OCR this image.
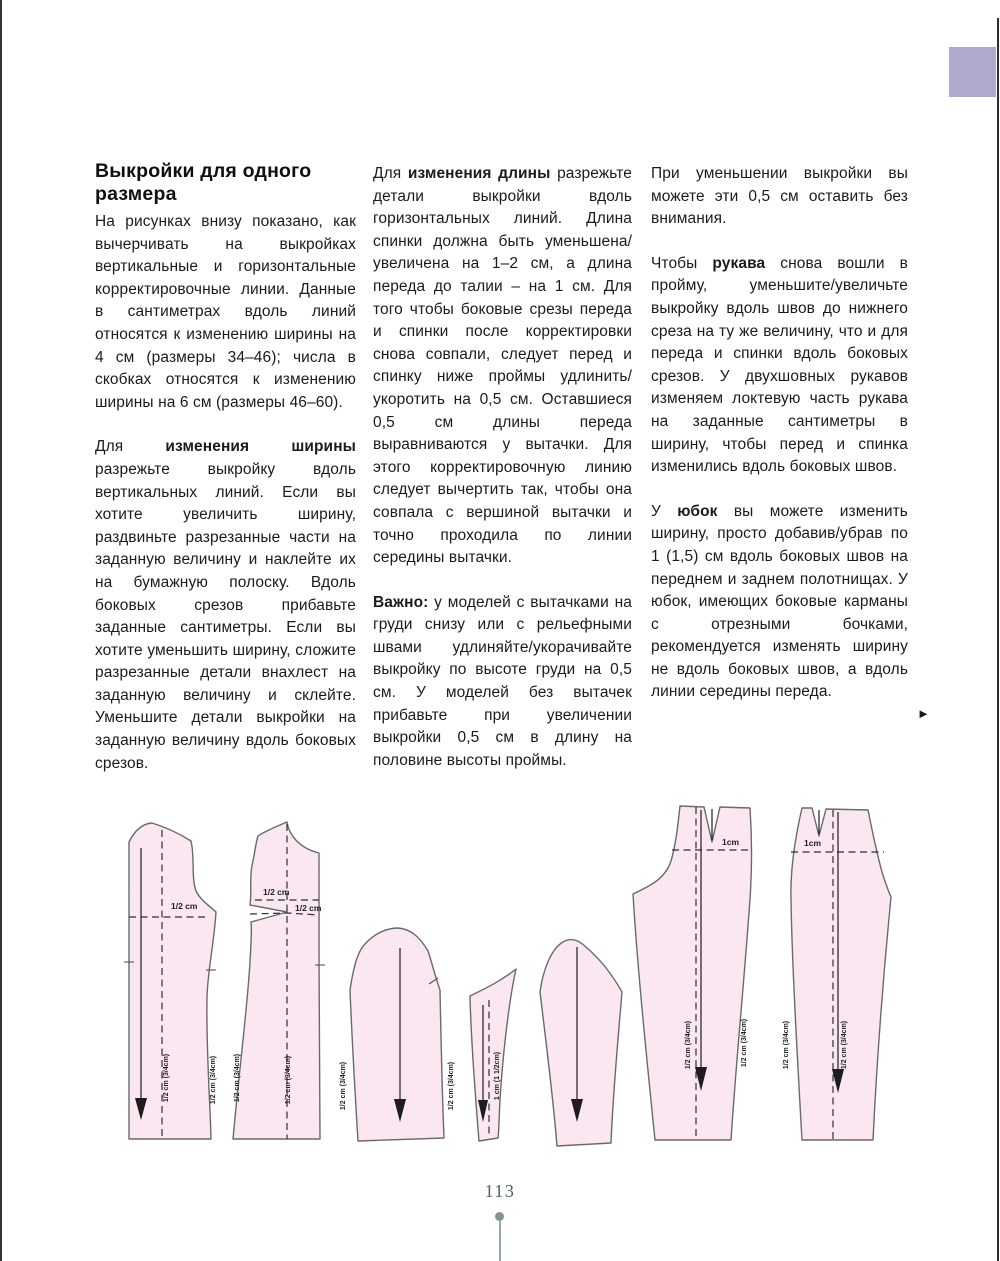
Выкройки для одного размера

На рисунках внизу показано, как вычерчивать на выкройках вертикальные и горизонтальные корректировочные линии. Данные в сантиметрах вдоль линий относятся к изменению ширины на 4 см (размеры 34–46); числа в скобках относятся к изменению ширины на 6 см (размеры 46–60).

Для изменения ширины разрежьте выкройку вдоль вертикальных линий. Если вы хотите увеличить ширину, раздвиньте разрезанные части на заданную величину и наклейте их на бумажную полоску. Вдоль боковых срезов прибавьте заданные сантиметры. Если вы хотите уменьшить ширину, сложите разрезанные детали внахлест на заданную величину и склейте. Уменьшите детали выкройки на заданную величину вдоль боковых срезов.

Для изменения длины разрежьте детали выкройки вдоль горизонтальных линий. Длина спинки должна быть уменьшена/увеличена на 1–2 см, а длина переда до талии – на 1 см. Для того чтобы боковые срезы переда и спинки после корректировки снова совпали, следует перед и спинку ниже проймы удлинить/укоротить на 0,5 см. Оставшиеся 0,5 см длины переда выравниваются у вытачки. Для этого корректировочную линию следует вычертить так, чтобы она совпала с вершиной вытачки и точно проходила по линии середины вытачки.

Важно: у моделей с вытачками на груди снизу или с рельефными швами удлиняйте/укорачивайте выкройку по высоте груди на 0,5 см. У моделей без вытачек прибавьте при увеличении выкройки 0,5 см в длину на половине высоты проймы.

При уменьшении выкройки вы можете эти 0,5 см оставить без внимания.

Чтобы рукава снова вошли в пройму, уменьшите/увеличьте выкройку вдоль швов до нижнего среза на ту же величину, что и для переда и спинки вдоль боковых срезов. У двухшовных рукавов изменяем локтевую часть рукава на заданные сантиметры в ширину, чтобы перед и спинка изменились вдоль боковых швов.

У юбок вы можете изменить ширину, просто добавив/убрав по 1 (1,5) см вдоль боковых швов на переднем и заднем полотнищах. У юбок, имеющих боковые карманы с отрезными бочками, рекомендуется изменять ширину не вдоль боковых швов, а вдоль линии середины переда.

►
1/2 cm
1/2 cm (3/4cm)	1/2 cm (3/4cm)
1/2 cm
1/2 cm
1/2 cm (3/4cm)	1/2 cm (3/4cm)	1/2 cm (3/4cm)	1/2 cm (3/4cm)	1 cm (1 1/2cm)
1cm
1/2 cm (3/4cm)	1/2 cm (3/4cm)
1cm
1/2 cm (3/4cm)	1/2 cm (3/4cm)
113
